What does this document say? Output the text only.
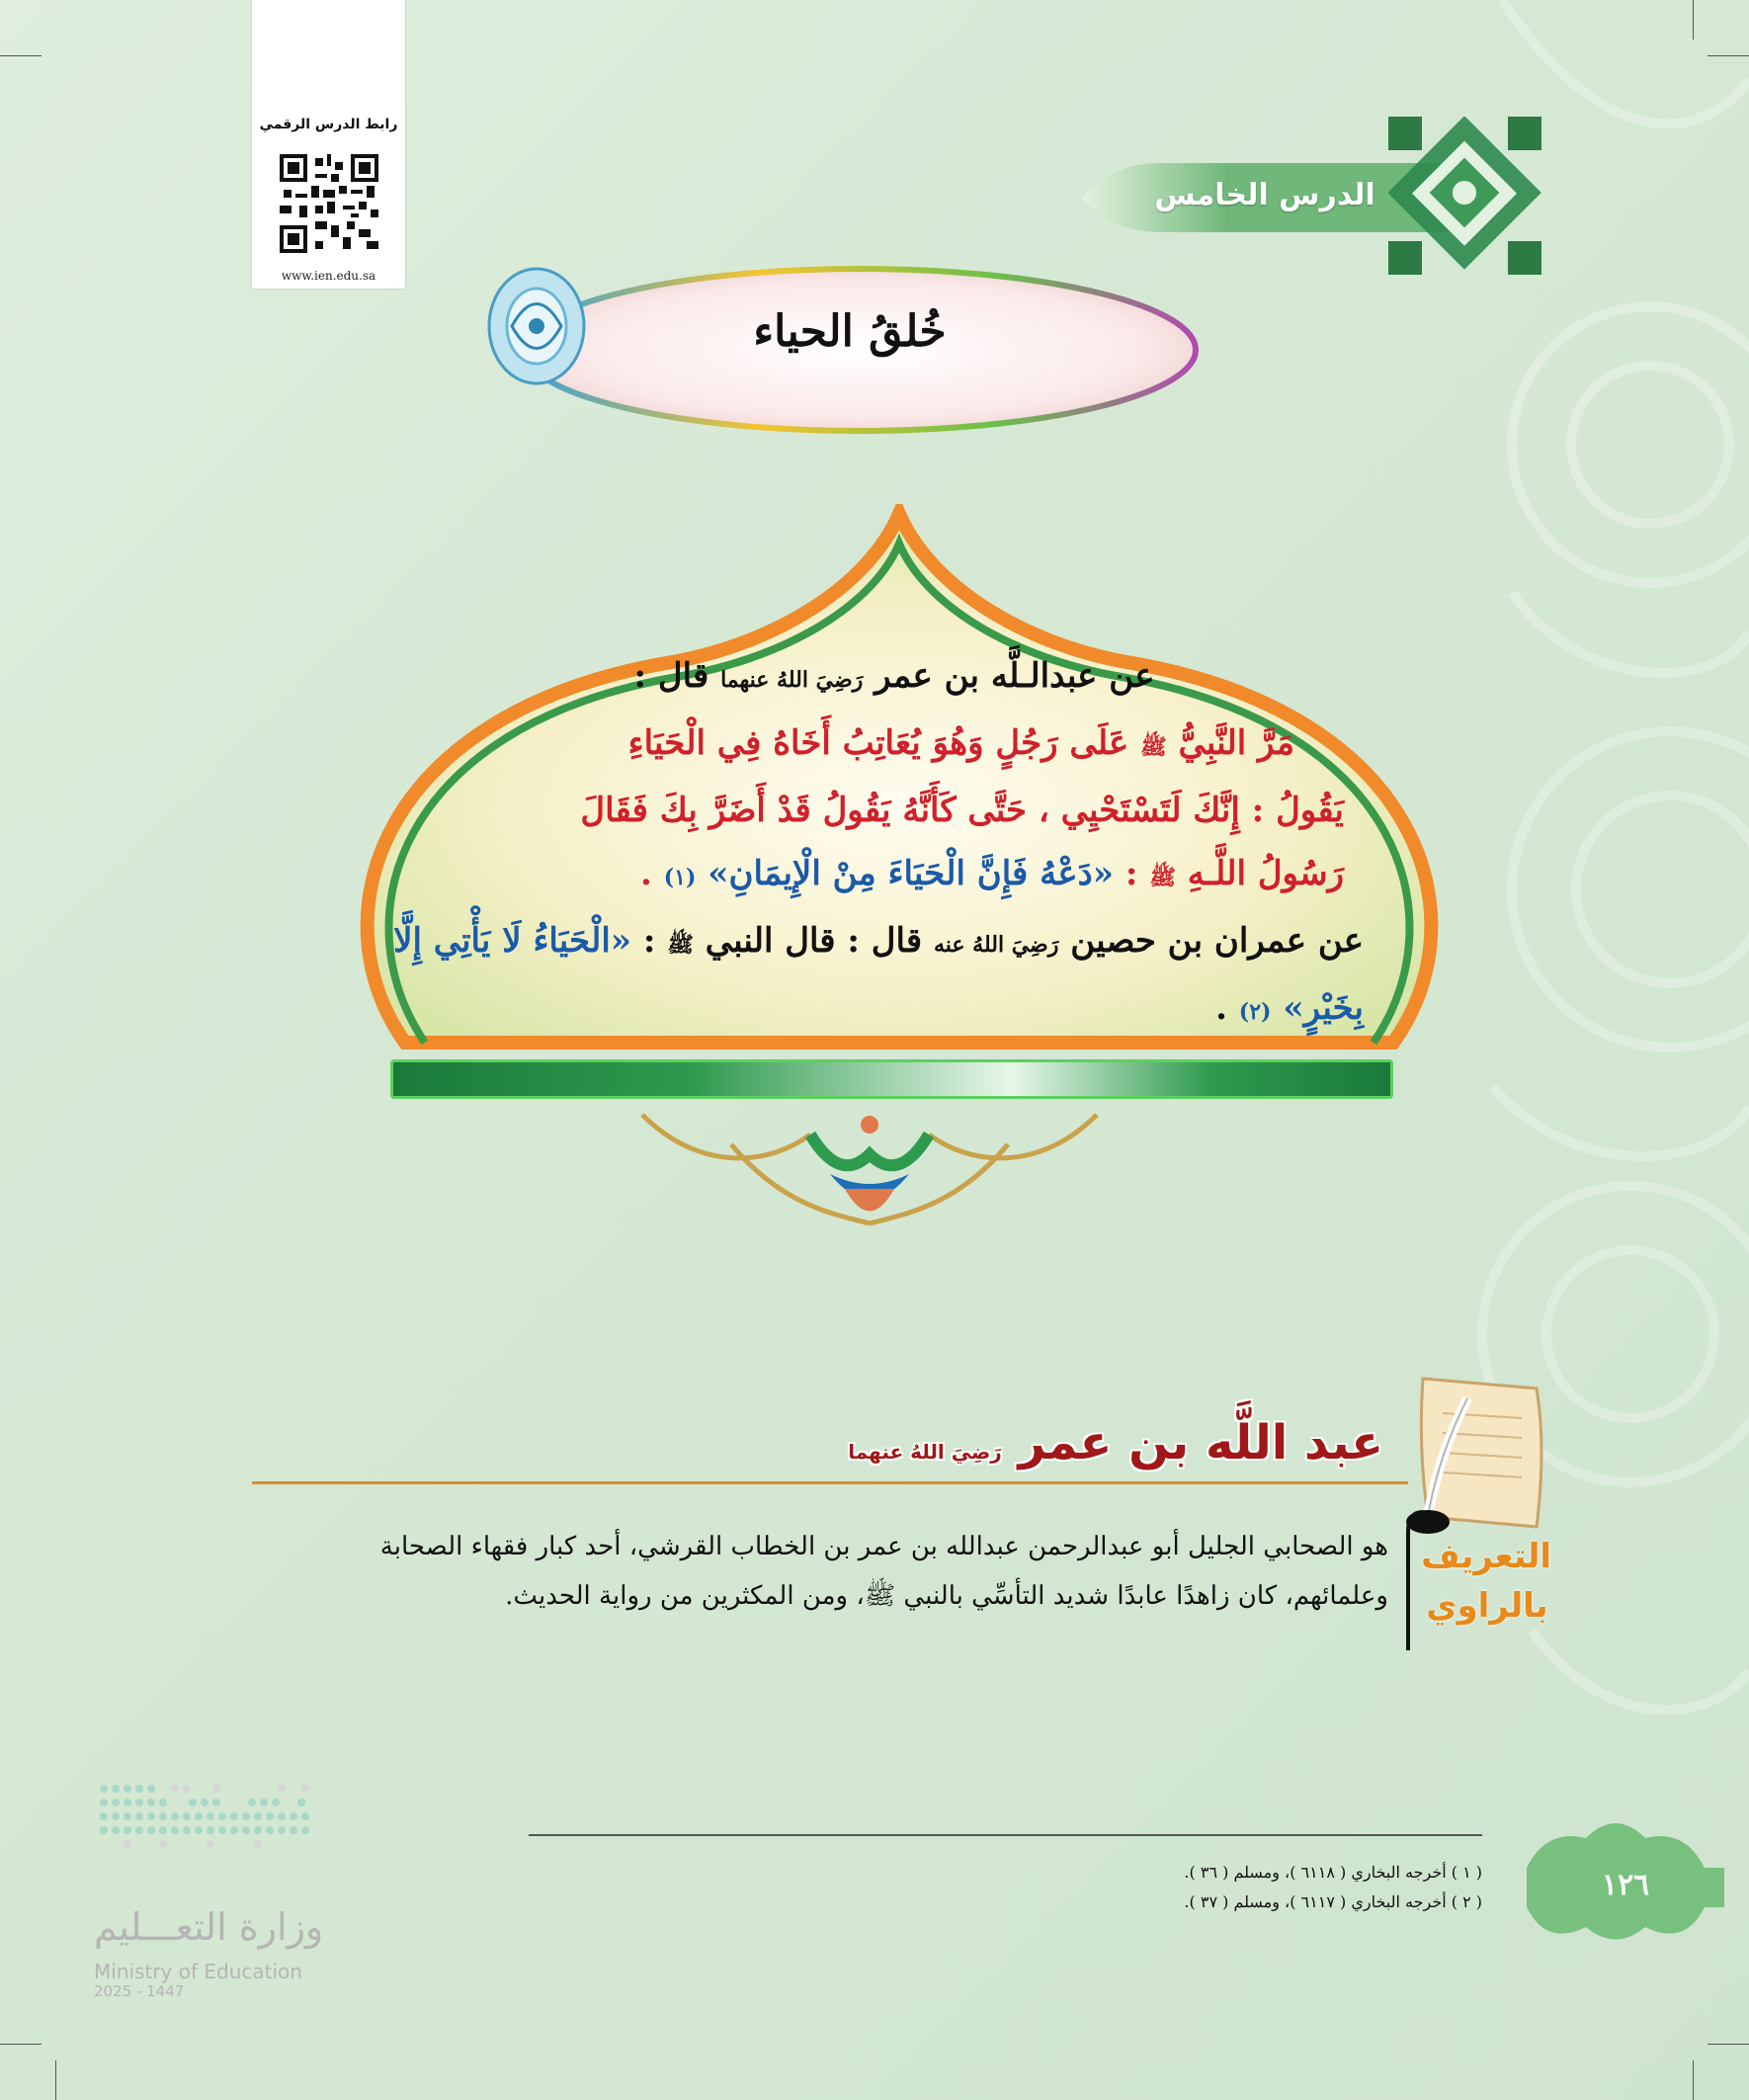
رابط الدرس الرقمي
www.ien.edu.sa
الدرس الخامس
خُلقُ الحياء
عن عبدالـلَّه بن عمر رَضِيَ اللهُ عنهما قال :
مَرَّ النَّبِيُّ ﷺ عَلَى رَجُلٍ وَهُوَ يُعَاتِبُ أَخَاهُ فِي الْحَيَاءِ
يَقُولُ : إِنَّكَ لَتَسْتَحْيِي ، حَتَّى كَأَنَّهُ يَقُولُ قَدْ أَضَرَّ بِكَ فَقَالَ
رَسُولُ اللَّـهِ ﷺ : «دَعْهُ فَإِنَّ الْحَيَاءَ مِنْ الْإِيمَانِ» (١) .
عن عمران بن حصين رَضِيَ اللهُ عنه قال : قال النبي ﷺ : «الْحَيَاءُ لَا يَأْتِي إِلَّا
بِخَيْرٍ» (٢) .
عبد اللَّه بن عمر رَضِيَ اللهُ عنهما
التعريف
بالراوي
هو الصحابي الجليل أبو عبدالرحمن عبدالله بن عمر بن الخطاب القرشي، أحد كبار فقهاء الصحابة
وعلمائهم، كان زاهدًا عابدًا شديد التأسِّي بالنبي ﷺ، ومن المكثرين من رواية الحديث.
( ١ ) أخرجه البخاري ( ٦١١٨ )، ومسلم ( ٣٦ ).
( ٢ ) أخرجه البخاري ( ٦١١٧ )، ومسلم ( ٣٧ ).	١٢٦
وزارة التعـــليم
Ministry of Education
2025 - 1447
